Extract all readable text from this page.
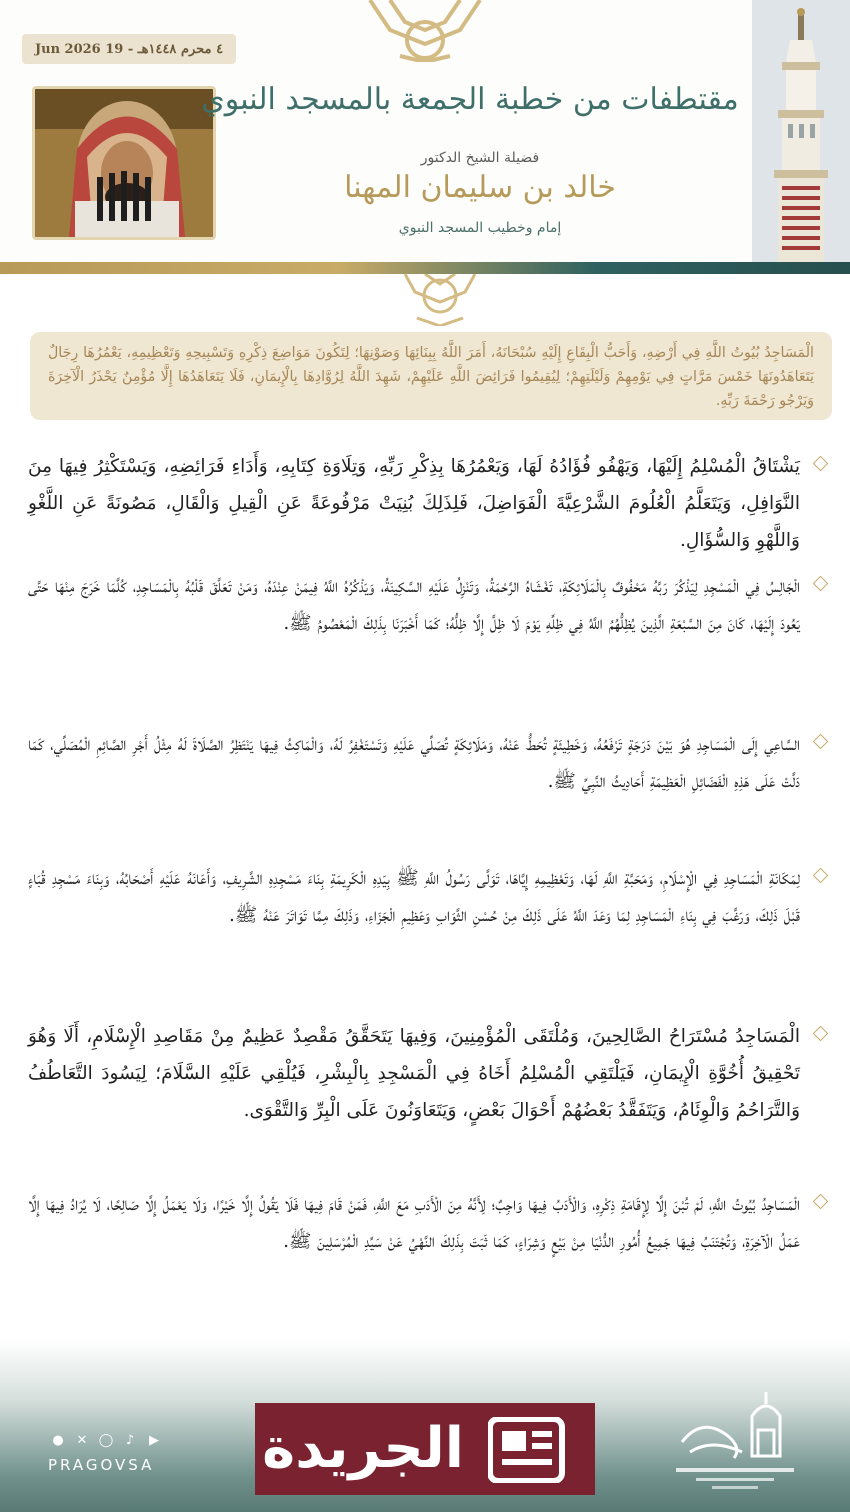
٤ محرم ١٤٤٨هـ - 19 Jun 2026
مقتطفات من خطبة الجمعة بالمسجد النبوي
فضيلة الشيخ الدكتور
خالد بن سليمان المهنا
إمام وخطيب المسجد النبوي
الْمَسَاجِدُ بُيُوتُ اللَّهِ فِي أَرْضِهِ، وَأَحَبُّ الْبِقَاعِ إِلَيْهِ سُبْحَانَهُ، أَمَرَ اللَّهُ بِبِنَائِهَا وَصَوْنِهَا؛ لِتَكُونَ مَوَاضِعَ ذِكْرِهِ وَتَسْبِيحِهِ وَتَعْظِيمِهِ، يَعْمُرُهَا رِجَالٌ يَتَعَاهَدُونَهَا خَمْسَ مَرَّاتٍ فِي يَوْمِهِمْ وَلَيْلَتِهِمْ؛ لِيُقِيمُوا فَرَائِضَ اللَّهِ عَلَيْهِمْ، شَهِدَ اللَّهُ لِرُوَّادِهَا بِالْإِيمَانِ، فَلَا يَتَعَاهَدُهَا إِلَّا مُؤْمِنٌ يَحْذَرُ الْآخِرَةَ وَيَرْجُو رَحْمَةَ رَبِّهِ.
يَشْتَاقُ الْمُسْلِمُ إِلَيْهَا، وَيَهْفُو فُؤَادُهُ لَهَا، وَيَعْمُرُهَا بِذِكْرِ رَبِّهِ، وَتِلَاوَةِ كِتَابِهِ، وَأَدَاءِ فَرَائِضِهِ، وَيَسْتَكْثِرُ فِيهَا مِنَ النَّوَافِلِ، وَيَتَعَلَّمُ الْعُلُومَ الشَّرْعِيَّةَ الْفَوَاضِلَ، فَلِذَلِكَ بُنِيَتْ مَرْفُوعَةً عَنِ الْقِيلِ وَالْقَالِ، مَصُونَةً عَنِ اللَّغْوِ وَاللَّهْوِ وَالسُّؤَالِ.
الْجَالِسُ فِي الْمَسْجِدِ لِيَذْكُرَ رَبَّهُ مَحْفُوفٌ بِالْمَلَائِكَةِ، تَغْشَاهُ الرَّحْمَةُ، وَتَنْزِلُ عَلَيْهِ السَّكِينَةُ، وَيَذْكُرُهُ اللَّهُ فِيمَنْ عِنْدَهُ، وَمَنْ تَعَلَّقَ قَلْبُهُ بِالْمَسَاجِدِ، كُلَّمَا خَرَجَ مِنْهَا حَتَّى يَعُودَ إِلَيْهَا، كَانَ مِنَ السَّبْعَةِ الَّذِينَ يُظِلُّهُمُ اللَّهُ فِي ظِلِّهِ يَوْمَ لَا ظِلَّ إِلَّا ظِلُّهُ؛ كَمَا أَخْبَرَنَا بِذَلِكَ الْمَعْصُومُ ﷺ.
السَّاعِي إِلَى الْمَسَاجِدِ هُوَ بَيْنَ دَرَجَةٍ تَرْفَعُهُ، وَخَطِيئَةٍ تُحَطُّ عَنْهُ، وَمَلَائِكَةٍ تُصَلِّي عَلَيْهِ وَتَسْتَغْفِرُ لَهُ، وَالْمَاكِثُ فِيهَا يَنْتَظِرُ الصَّلَاةَ لَهُ مِثْلُ أَجْرِ الصَّائِمِ الْمُصَلِّي، كَمَا دَلَّتْ عَلَى هَذِهِ الْفَضَائِلِ الْعَظِيمَةِ أَحَادِيثُ النَّبِيِّ ﷺ.
لِمَكَانَةِ الْمَسَاجِدِ فِي الْإِسْلَامِ، وَمَحَبَّةِ اللَّهِ لَهَا، وَتَعْظِيمِهِ إِيَّاهَا، تَوَلَّى رَسُولُ اللَّهِ ﷺ بِيَدِهِ الْكَرِيمَةِ بِنَاءَ مَسْجِدِهِ الشَّرِيفِ، وَأَعَانَهُ عَلَيْهِ أَصْحَابُهُ، وَبِنَاءَ مَسْجِدِ قُبَاءٍ قَبْلَ ذَلِكَ، وَرَغَّبَ فِي بِنَاءِ الْمَسَاجِدِ لِمَا وَعَدَ اللَّهُ عَلَى ذَلِكَ مِنْ حُسْنِ الثَّوَابِ وَعَظِيمِ الْجَزَاءِ، وَذَلِكَ مِمَّا تَوَاتَرَ عَنْهُ ﷺ.
الْمَسَاجِدُ مُسْتَرَاحُ الصَّالِحِينَ، وَمُلْتَقَى الْمُؤْمِنِينَ، وَفِيهَا يَتَحَقَّقُ مَقْصِدٌ عَظِيمٌ مِنْ مَقَاصِدِ الْإِسْلَامِ، أَلَا وَهُوَ تَحْقِيقُ أُخُوَّةِ الْإِيمَانِ، فَيَلْتَقِي الْمُسْلِمُ أَخَاهُ فِي الْمَسْجِدِ بِالْبِشْرِ، فَيُلْقِي عَلَيْهِ السَّلَامَ؛ لِيَسُودَ التَّعَاطُفُ وَالتَّرَاحُمُ وَالْوِئَامُ، وَيَتَفَقَّدُ بَعْضُهُمْ أَحْوَالَ بَعْضٍ، وَيَتَعَاوَنُونَ عَلَى الْبِرِّ وَالتَّقْوَى.
الْمَسَاجِدُ بُيُوتُ اللَّهِ، لَمْ تُبْنَ إِلَّا لِإِقَامَةِ ذِكْرِهِ، وَالْأَدَبُ فِيهَا وَاجِبٌ؛ لِأَنَّهُ مِنَ الْأَدَبِ مَعَ اللَّهِ، فَمَنْ قَامَ فِيهَا فَلَا يَقُولُ إِلَّا خَيْرًا، وَلَا يَعْمَلُ إِلَّا صَالِحًا، لَا يُرَادُ فِيهَا إِلَّا عَمَلُ الْآخِرَةِ، وَتُجْتَنَبُ فِيهَا جَمِيعُ أُمُورِ الدُّنْيَا مِنْ بَيْعٍ وَشِرَاءٍ، كَمَا ثَبَتَ بِذَلِكَ النَّهْيُ عَنْ سَيِّدِ الْمُرْسَلِينَ ﷺ.
● ✕ ◯ ♪ ▶
PRAGOVSA	الجريدة
